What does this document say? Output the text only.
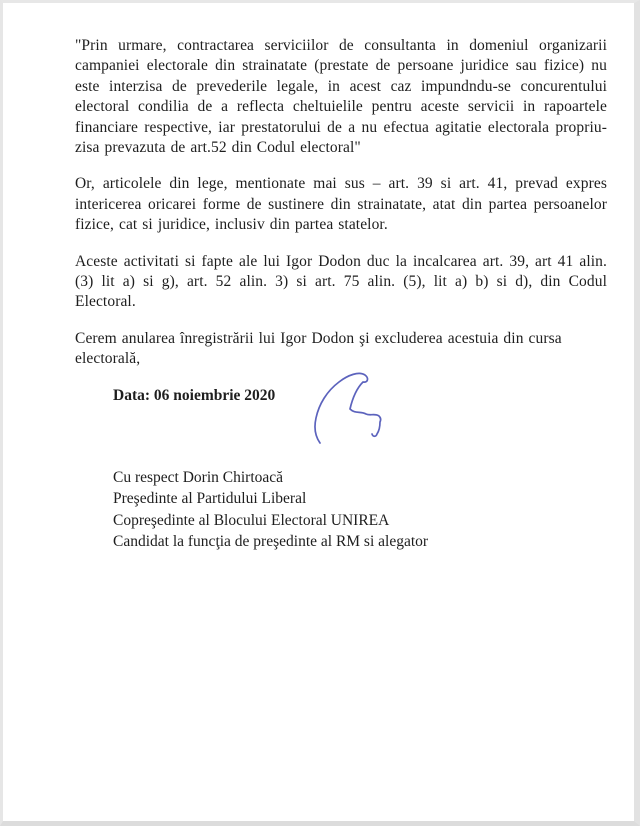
"Prin urmare, contractarea serviciilor de consultanta in domeniul organizarii campaniei electorale din strainatate (prestate de persoane juridice sau fizice) nu este interzisa de prevederile legale, in acest caz impundndu-se concurentului electoral condilia de a reflecta cheltuielile pentru aceste servicii in rapoartele financiare respective, iar prestatorului de a nu efectua agitatie electorala propriu-zisa prevazuta de art.52 din Codul electoral"

Or, articolele din lege, mentionate mai sus – art. 39 si art. 41, prevad expres intericerea oricarei forme de sustinere din strainatate, atat din partea persoanelor fizice, cat si juridice, inclusiv din partea statelor.

Aceste activitati si fapte ale lui Igor Dodon duc la incalcarea art. 39, art 41 alin. (3) lit a) si g), art. 52 alin. 3) si art. 75 alin. (5), lit a) b) si d), din Codul Electoral.

Cerem anularea înregistrării lui Igor Dodon şi excluderea acestuia din cursa electorală,

Data: 06 noiembrie 2020

Cu respect Dorin Chirtoacă
Preşedinte al Partidului Liberal
Copreşedinte al Blocului Electoral UNIREA
Candidat la funcţia de preşedinte al RM si alegator
